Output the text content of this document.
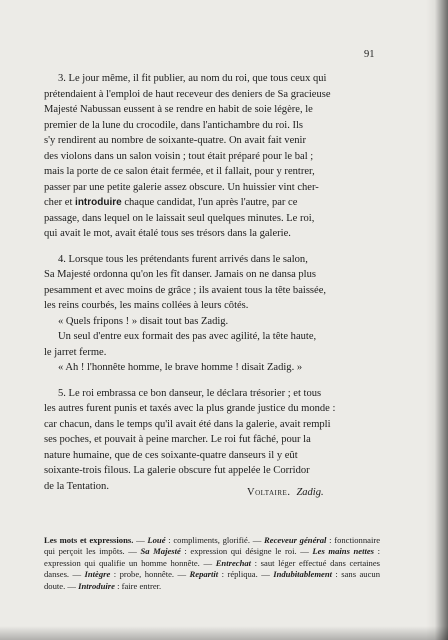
91

3. Le jour même, il fit publier, au nom du roi, que tous ceux qui

prétendaient à l'emploi de haut receveur des deniers de Sa gracieuse

Majesté Nabussan eussent à se rendre en habit de soie légère, le

premier de la lune du crocodile, dans l'antichambre du roi. Ils

s'y rendirent au nombre de soixante-quatre. On avait fait venir

des violons dans un salon voisin ; tout était préparé pour le bal ;

mais la porte de ce salon était fermée, et il fallait, pour y rentrer,

passer par une petite galerie assez obscure. Un huissier vint cher-

cher et introduire chaque candidat, l'un après l'autre, par ce

passage, dans lequel on le laissait seul quelques minutes. Le roi,

qui avait le mot, avait étalé tous ses trésors dans la galerie.

4. Lorsque tous les prétendants furent arrivés dans le salon,

Sa Majesté ordonna qu'on les fît danser. Jamais on ne dansa plus

pesamment et avec moins de grâce ; ils avaient tous la tête baissée,

les reins courbés, les mains collées à leurs côtés.

« Quels fripons ! » disait tout bas Zadig.

Un seul d'entre eux formait des pas avec agilité, la tête haute,

le jarret ferme.

« Ah ! l'honnête homme, le brave homme ! disait Zadig. »

5. Le roi embrassa ce bon danseur, le déclara trésorier ; et tous

les autres furent punis et taxés avec la plus grande justice du monde :

car chacun, dans le temps qu'il avait été dans la galerie, avait rempli

ses poches, et pouvait à peine marcher. Le roi fut fâché, pour la

nature humaine, que de ces soixante-quatre danseurs il y eût

soixante-trois filous. La galerie obscure fut appelée le Corridor

de la Tentation.

Voltaire. Zadig.
Les mots et expressions. — Loué : compliments, glorifié. — Receveur général : fonctionnaire qui perçoit les impôts. — Sa Majesté : expression qui désigne le roi. — Les mains nettes : expression qui qualifie un homme honnête. — Entrechat : saut léger effectué dans certaines danses. — Intègre : probe, honnête. — Repartit : répliqua. — Indubitablement : sans aucun doute. — Introduire : faire entrer.
